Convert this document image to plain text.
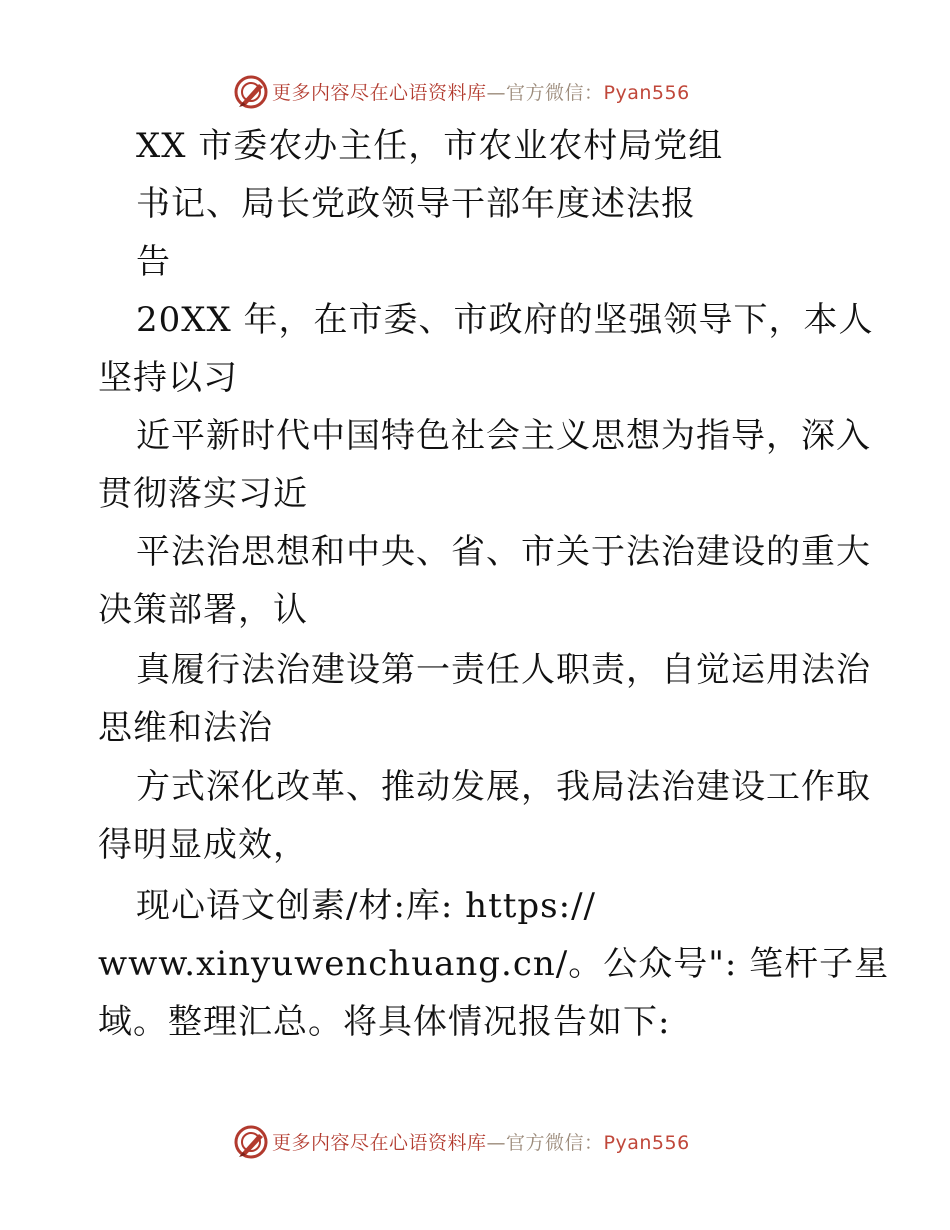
更多内容尽在心语资料库—官方微信：Pyan556
XX 市委农办主任，市农业农村局党组
书记、局长党政领导干部年度述法报
告
20XX 年，在市委、市政府的坚强领导下，本人
坚持以习
近平新时代中国特色社会主义思想为指导，深入
贯彻落实习近
平法治思想和中央、省、市关于法治建设的重大
决策部署，认
真履行法治建设第一责任人职责，自觉运用法治
思维和法治
方式深化改革、推动发展，我局法治建设工作取
得明显成效，
现心语文创素/材:库: https://
www.xinyuwenchuang.cn/。公众号": 笔杆子星
域。整理汇总。将具体情况报告如下:
更多内容尽在心语资料库—官方微信：Pyan556
